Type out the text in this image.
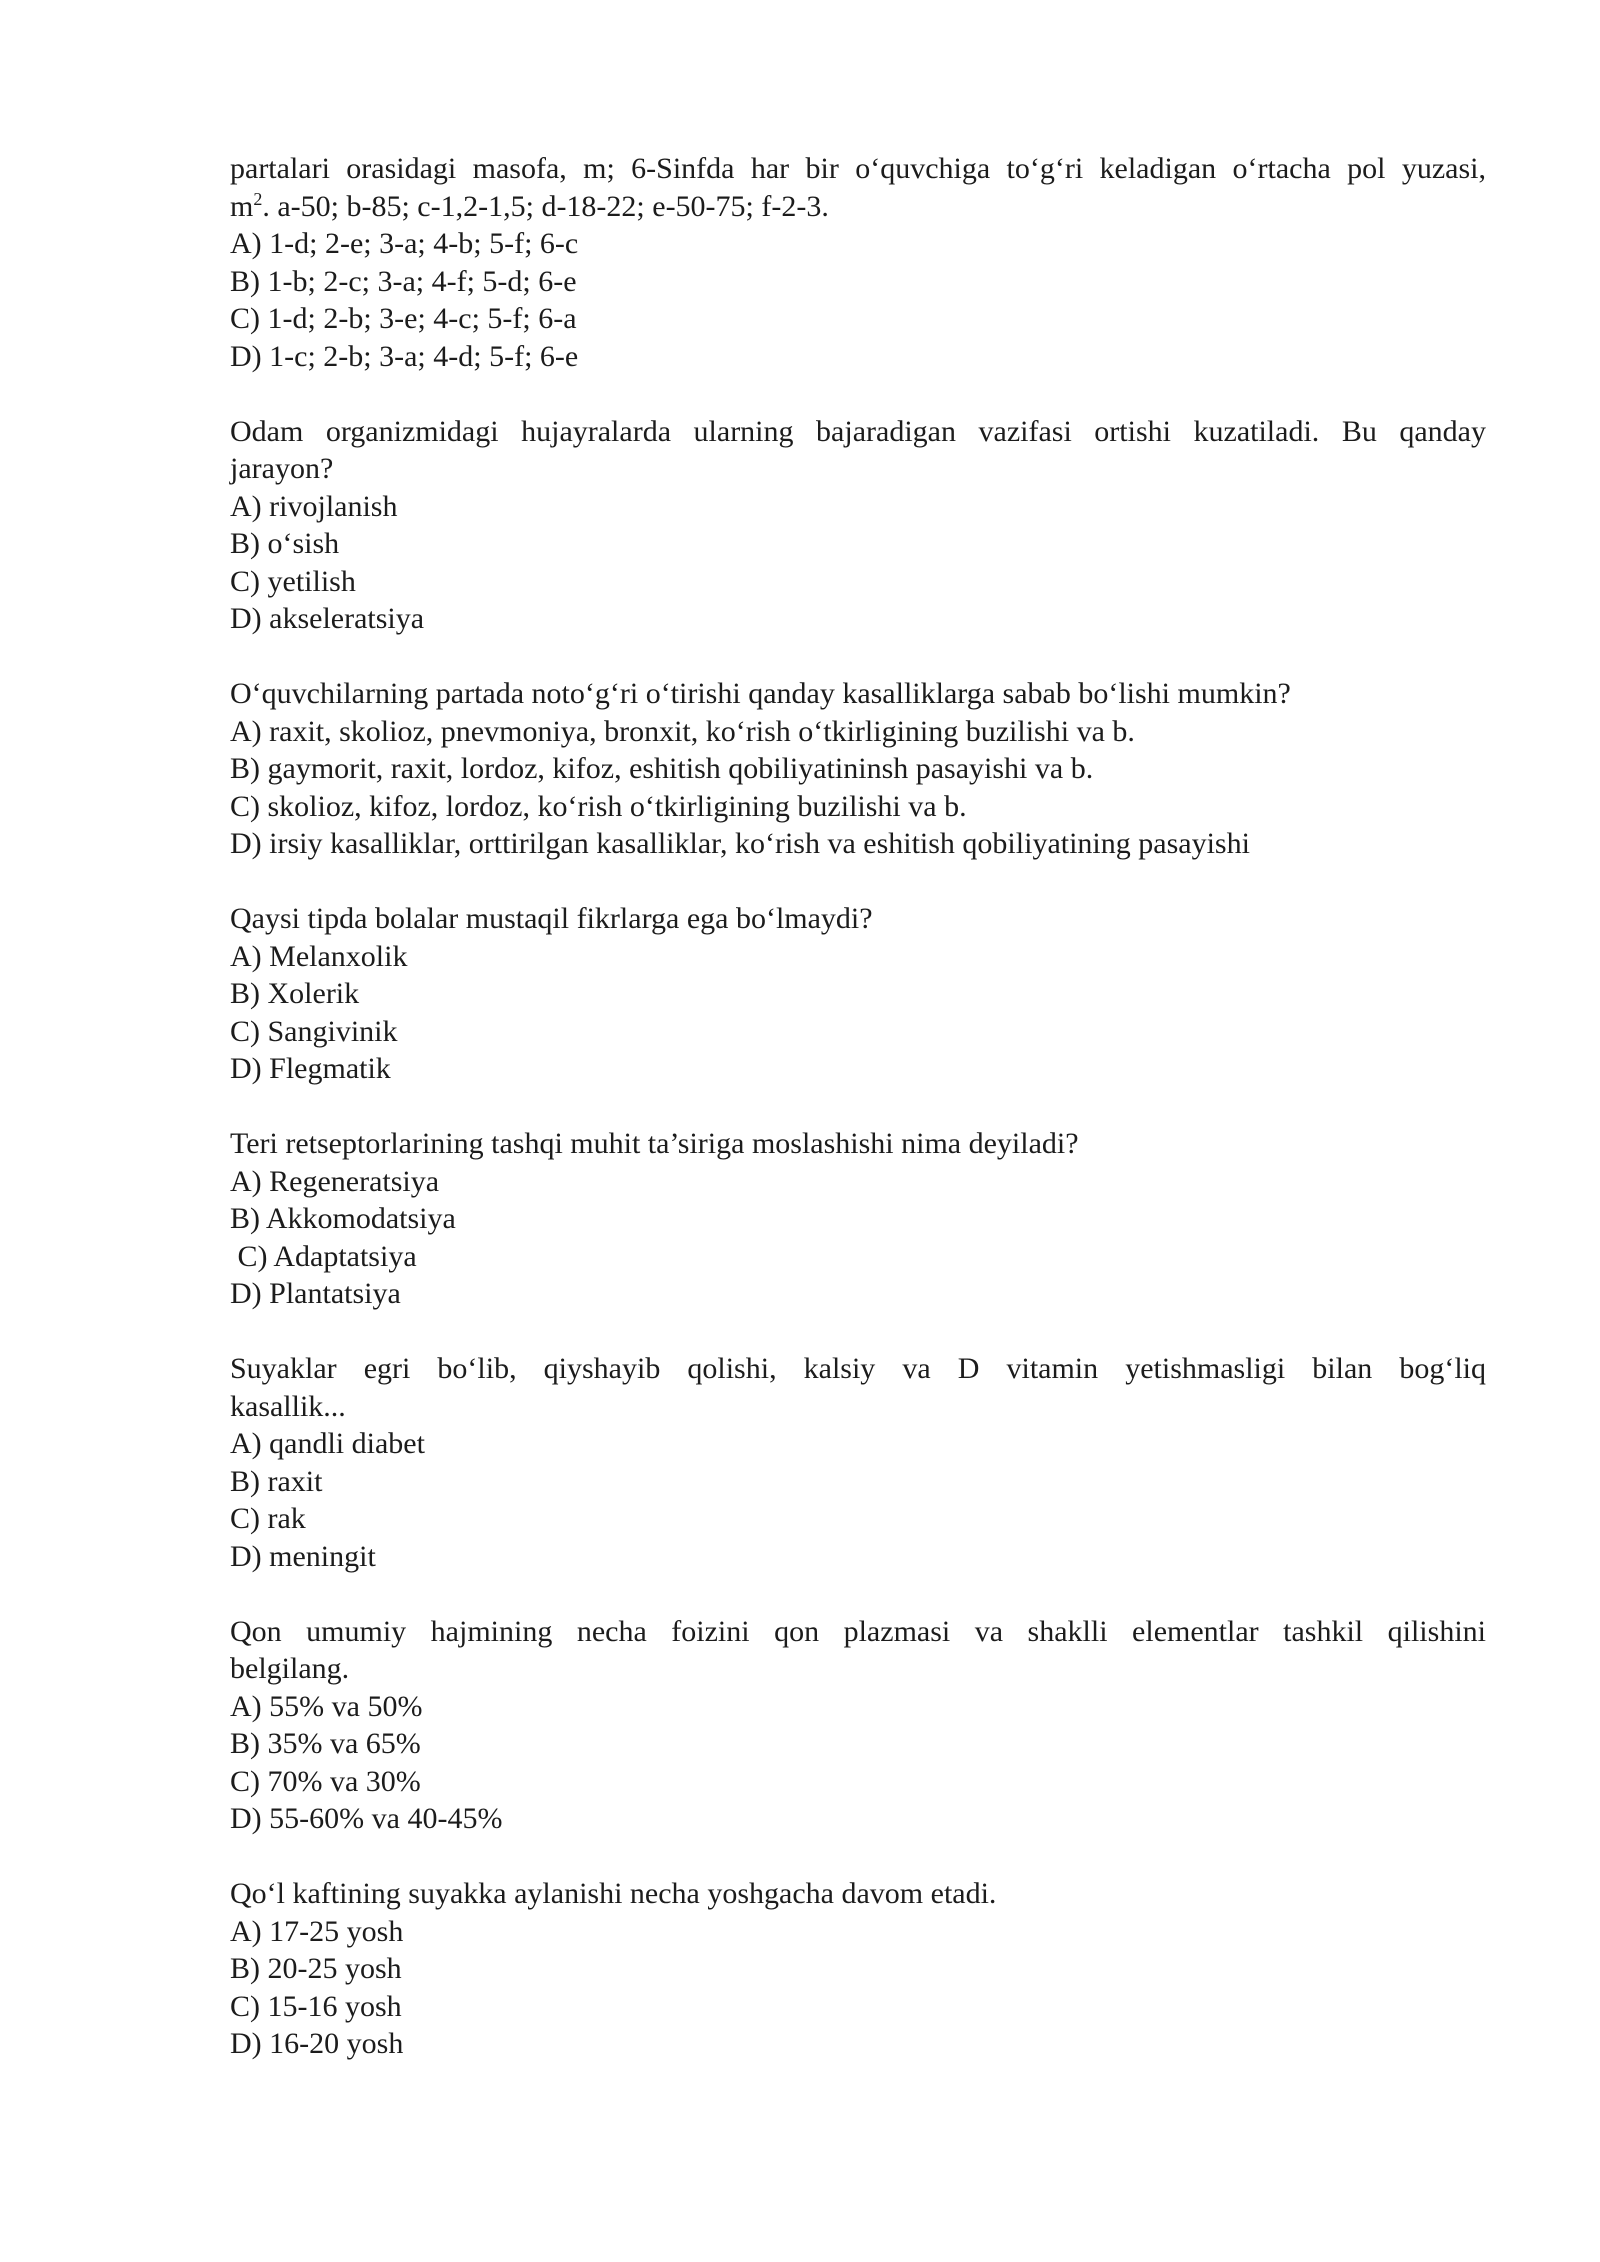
partalari orasidagi masofa, m; 6-Sinfda har bir o‘quvchiga to‘g‘ri keladigan o‘rtacha pol yuzasi,
$m^2$. a-50; b-85; c-1,2-1,5; d-18-22; e-50-75; f-2-3.
A) 1-d; 2-e; 3-a; 4-b; 5-f; 6-c
B) 1-b; 2-c; 3-a; 4-f; 5-d; 6-e
C) 1-d; 2-b; 3-e; 4-c; 5-f; 6-a
D) 1-c; 2-b; 3-a; 4-d; 5-f; 6-e
Odam organizmidagi hujayralarda ularning bajaradigan vazifasi ortishi kuzatiladi. Bu qanday
jarayon?
A) rivojlanish
B) o‘sish
C) yetilish
D) akseleratsiya
O‘quvchilarning partada noto‘g‘ri o‘tirishi qanday kasalliklarga sabab bo‘lishi mumkin?
A) raxit, skolioz, pnevmoniya, bronxit, ko‘rish o‘tkirligining buzilishi va b.
B) gaymorit, raxit, lordoz, kifoz, eshitish qobiliyatininsh pasayishi va b.
C) skolioz, kifoz, lordoz, ko‘rish o‘tkirligining buzilishi va b.
D) irsiy kasalliklar, orttirilgan kasalliklar, ko‘rish va eshitish qobiliyatining pasayishi
Qaysi tipda bolalar mustaqil fikrlarga ega bo‘lmaydi?
A) Melanxolik
B) Xolerik
C) Sangivinik
D) Flegmatik
Teri retseptorlarining tashqi muhit ta’siriga moslashishi nima deyiladi?
A) Regeneratsiya
B) Akkomodatsiya
C) Adaptatsiya
D) Plantatsiya
Suyaklar egri bo‘lib, qiyshayib qolishi, kalsiy va D vitamin yetishmasligi bilan bog‘liq
kasallik...
A) qandli diabet
B) raxit
C) rak
D) meningit
Qon umumiy hajmining necha foizini qon plazmasi va shaklli elementlar tashkil qilishini
belgilang.
A) 55% va 50%
B) 35% va 65%
C) 70% va 30%
D) 55-60% va 40-45%
Qo‘l kaftining suyakka aylanishi necha yoshgacha davom etadi.
A) 17-25 yosh
B) 20-25 yosh
C) 15-16 yosh
D) 16-20 yosh
